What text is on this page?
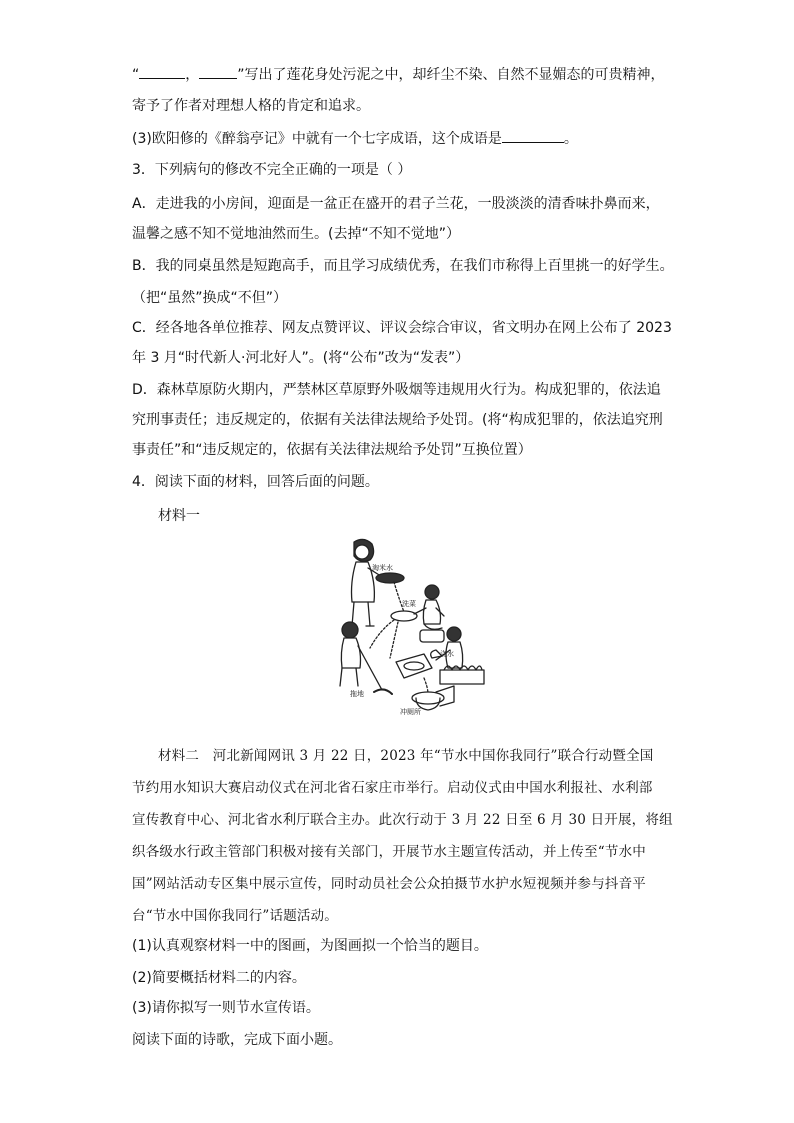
“	，	”写出了莲花身处污泥之中，却纤尘不染、自然不显媚态的可贵精神，
寄予了作者对理想人格的肯定和追求。
(3)欧阳修的《醉翁亭记》中就有一个七字成语，这个成语是	。
3．下列病句的修改不完全正确的一项是（ ）
A．走进我的小房间，迎面是一盆正在盛开的君子兰花，一股淡淡的清香味扑鼻而来，
温馨之感不知不觉地油然而生。(去掉“不知不觉地”）
B．我的同桌虽然是短跑高手，而且学习成绩优秀，在我们市称得上百里挑一的好学生。
（把“虽然”换成“不但”）
C．经各地各单位推荐、网友点赞评议、评议会综合审议，省文明办在网上公布了 2023
年 3 月“时代新人·河北好人”。(将“公布”改为“发表”）
D．森林草原防火期内，严禁林区草原野外吸烟等违规用火行为。构成犯罪的，依法追
究刑事责任；违反规定的，依据有关法律法规给予处罚。(将“构成犯罪的，依法追究刑
事责任”和“违反规定的，依据有关法律法规给予处罚”互换位置）
4．阅读下面的材料，回答后面的问题。
材料一
淘米水
洗菜
浇水
拖地
冲厕所
材料二　河北新闻网讯 3 月 22 日，2023 年“节水中国你我同行”联合行动暨全国
节约用水知识大赛启动仪式在河北省石家庄市举行。启动仪式由中国水利报社、水利部
宣传教育中心、河北省水利厅联合主办。此次行动于 3 月 22 日至 6 月 30 日开展，将组
织各级水行政主管部门积极对接有关部门，开展节水主题宣传活动，并上传至“节水中
国”网站活动专区集中展示宣传，同时动员社会公众拍摄节水护水短视频并参与抖音平
台“节水中国你我同行”话题活动。
(1)认真观察材料一中的图画，为图画拟一个恰当的题目。
(2)简要概括材料二的内容。
(3)请你拟写一则节水宣传语。
阅读下面的诗歌，完成下面小题。
